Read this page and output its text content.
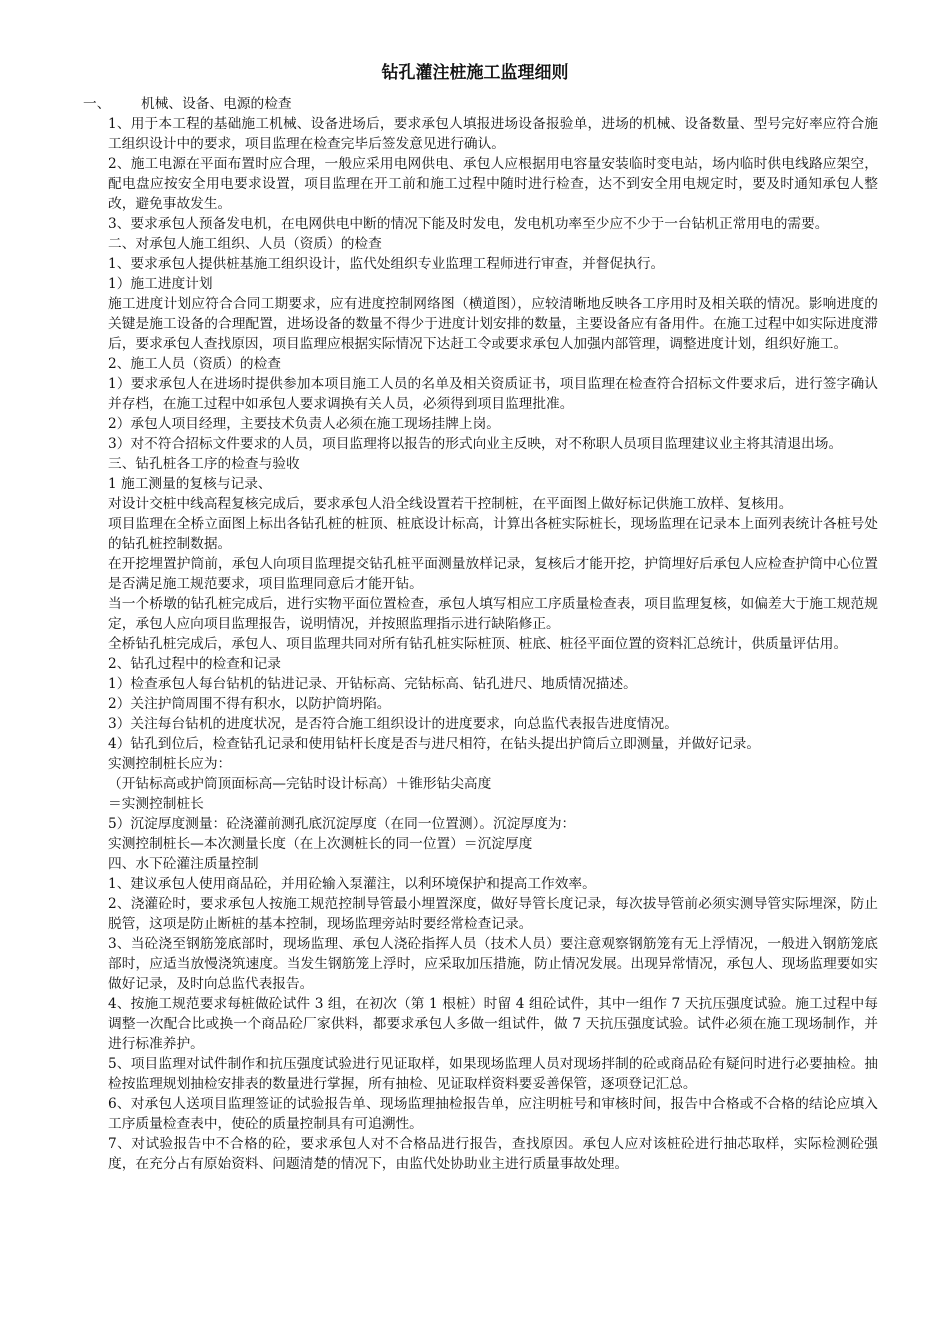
钻孔灌注桩施工监理细则
一、 机械、设备、电源的检查

1、用于本工程的基础施工机械、设备进场后，要求承包人填报进场设备报验单，进场的机械、设备数量、型号完好率应符合施工组织设计中的要求，项目监理在检查完毕后签发意见进行确认。

2、施工电源在平面布置时应合理，一般应采用电网供电、承包人应根据用电容量安装临时变电站，场内临时供电线路应架空，配电盘应按安全用电要求设置，项目监理在开工前和施工过程中随时进行检查，达不到安全用电规定时，要及时通知承包人整改，避免事故发生。

3、要求承包人预备发电机，在电网供电中断的情况下能及时发电，发电机功率至少应不少于一台钻机正常用电的需要。

二、对承包人施工组织、人员（资质）的检查

1、要求承包人提供桩基施工组织设计，监代处组织专业监理工程师进行审查，并督促执行。

1）施工进度计划

施工进度计划应符合合同工期要求，应有进度控制网络图（横道图），应较清晰地反映各工序用时及相关联的情况。影响进度的关键是施工设备的合理配置，进场设备的数量不得少于进度计划安排的数量，主要设备应有备用件。在施工过程中如实际进度滞后，要求承包人查找原因，项目监理应根据实际情况下达赶工令或要求承包人加强内部管理，调整进度计划，组织好施工。

2、施工人员（资质）的检查

1）要求承包人在进场时提供参加本项目施工人员的名单及相关资质证书，项目监理在检查符合招标文件要求后，进行签字确认并存档，在施工过程中如承包人要求调换有关人员，必须得到项目监理批准。

2）承包人项目经理，主要技术负责人必须在施工现场挂牌上岗。

3）对不符合招标文件要求的人员，项目监理将以报告的形式向业主反映，对不称职人员项目监理建议业主将其清退出场。

三、钻孔桩各工序的检查与验收

1 施工测量的复核与记录、

对设计交桩中线高程复核完成后，要求承包人沿全线设置若干控制桩，在平面图上做好标记供施工放样、复核用。

项目监理在全桥立面图上标出各钻孔桩的桩顶、桩底设计标高，计算出各桩实际桩长，现场监理在记录本上面列表统计各桩号处的钻孔桩控制数据。

在开挖埋置护筒前，承包人向项目监理提交钻孔桩平面测量放样记录，复核后才能开挖，护筒埋好后承包人应检查护筒中心位置是否满足施工规范要求，项目监理同意后才能开钻。

当一个桥墩的钻孔桩完成后，进行实物平面位置检查，承包人填写相应工序质量检查表，项目监理复核，如偏差大于施工规范规定，承包人应向项目监理报告，说明情况，并按照监理指示进行缺陷修正。

全桥钻孔桩完成后，承包人、项目监理共同对所有钻孔桩实际桩顶、桩底、桩径平面位置的资料汇总统计，供质量评估用。

2、钻孔过程中的检查和记录

1）检查承包人每台钻机的钻进记录、开钻标高、完钻标高、钻孔进尺、地质情况描述。

2）关注护筒周围不得有积水，以防护筒坍陷。

3）关注每台钻机的进度状况，是否符合施工组织设计的进度要求，向总监代表报告进度情况。

4）钻孔到位后，检查钻孔记录和使用钻杆长度是否与进尺相符，在钻头提出护筒后立即测量，并做好记录。

实测控制桩长应为：

（开钻标高或护筒顶面标高—完钻时设计标高）＋锥形钻尖高度

＝实测控制桩长

5）沉淀厚度测量：砼浇灌前测孔底沉淀厚度（在同一位置测）。沉淀厚度为：

实测控制桩长—本次测量长度（在上次测桩长的同一位置）＝沉淀厚度

四、水下砼灌注质量控制

1、建议承包人使用商品砼，并用砼输入泵灌注，以利环境保护和提高工作效率。

2、浇灌砼时，要求承包人按施工规范控制导管最小埋置深度，做好导管长度记录，每次拔导管前必须实测导管实际埋深，防止脱管，这项是防止断桩的基本控制，现场监理旁站时要经常检查记录。

3、当砼浇至钢筋笼底部时，现场监理、承包人浇砼指挥人员（技术人员）要注意观察钢筋笼有无上浮情况，一般进入钢筋笼底部时，应适当放慢浇筑速度。当发生钢筋笼上浮时，应采取加压措施，防止情况发展。出现异常情况，承包人、现场监理要如实做好记录，及时向总监代表报告。

4、按施工规范要求每桩做砼试件 3 组，在初次（第 1 根桩）时留 4 组砼试件，其中一组作 7 天抗压强度试验。施工过程中每调整一次配合比或换一个商品砼厂家供料，都要求承包人多做一组试件，做 7 天抗压强度试验。试件必须在施工现场制作，并进行标准养护。

5、项目监理对试件制作和抗压强度试验进行见证取样，如果现场监理人员对现场拌制的砼或商品砼有疑问时进行必要抽检。抽检按监理规划抽检安排表的数量进行掌握，所有抽检、见证取样资料要妥善保管，逐项登记汇总。

6、对承包人送项目监理签证的试验报告单、现场监理抽检报告单，应注明桩号和审核时间，报告中合格或不合格的结论应填入工序质量检查表中，使砼的质量控制具有可追溯性。

7、对试验报告中不合格的砼，要求承包人对不合格品进行报告，查找原因。承包人应对该桩砼进行抽芯取样，实际检测砼强度，在充分占有原始资料、问题清楚的情况下，由监代处协助业主进行质量事故处理。
